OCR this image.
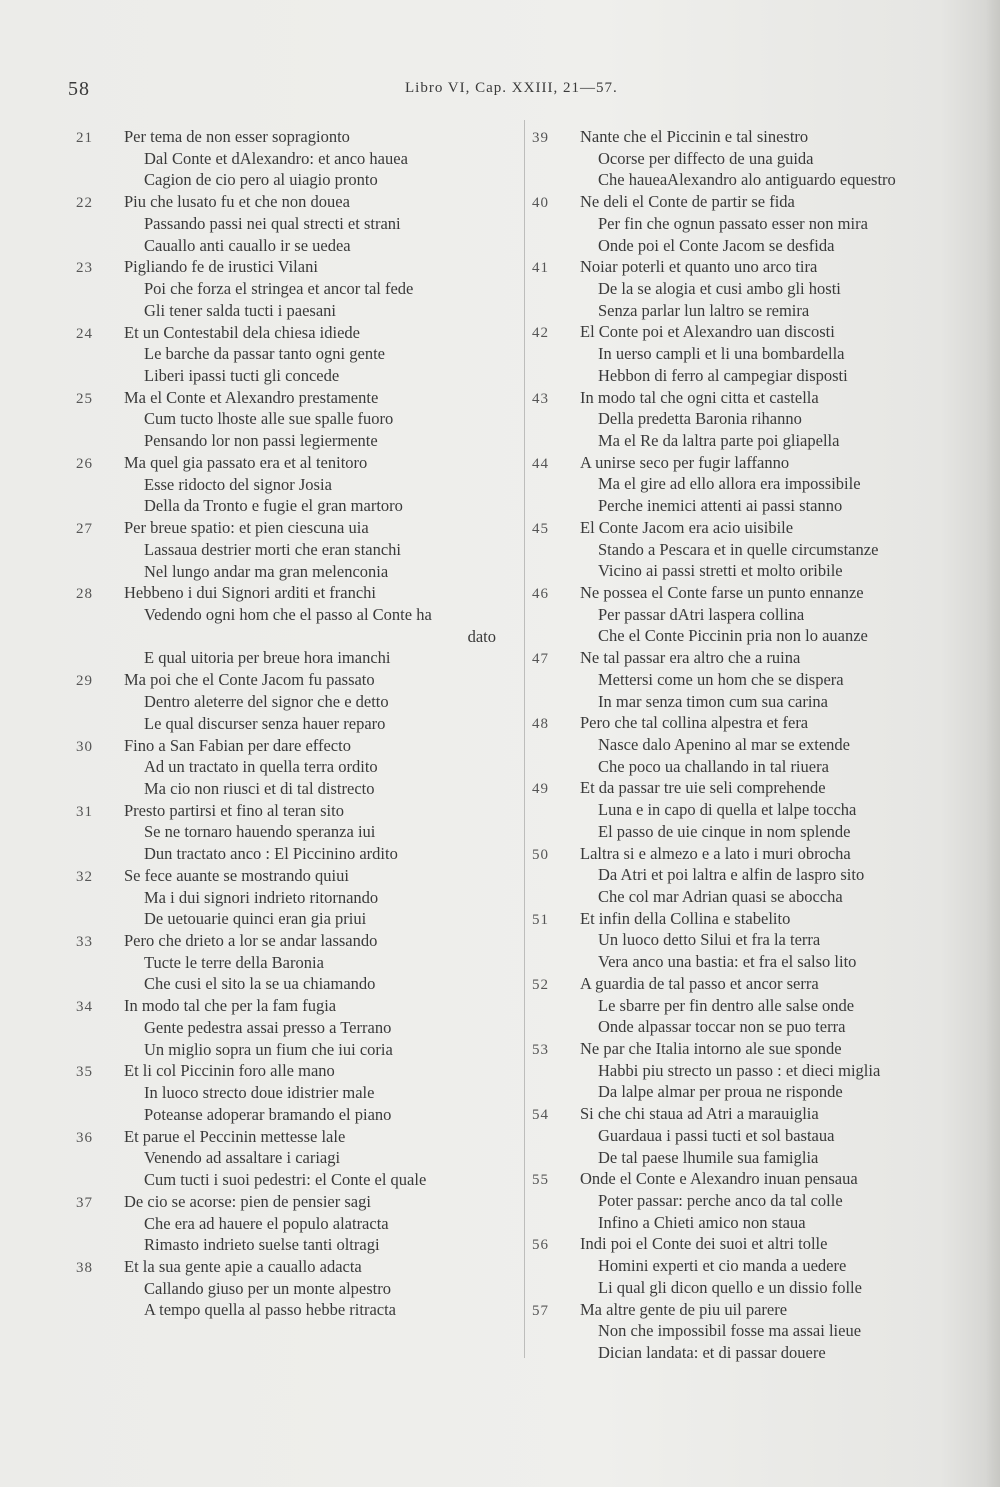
58	Libro VI, Cap. XXIII, 21—57.
21	Per tema de non esser sopragionto
Dal Conte et dAlexandro: et anco hauea
Cagion de cio pero al uiagio pronto
22	Piu che lusato fu et che non douea
Passando passi nei qual strecti et strani
Cauallo anti cauallo ir se uedea
23	Pigliando fe de irustici Vilani
Poi che forza el stringea et ancor tal fede
Gli tener salda tucti i paesani
24	Et un Contestabil dela chiesa idiede
Le barche da passar tanto ogni gente
Liberi ipassi tucti gli concede
25	Ma el Conte et Alexandro prestamente
Cum tucto lhoste alle sue spalle fuoro
Pensando lor non passi legiermente
26	Ma quel gia passato era et al tenitoro
Esse ridocto del signor Josia
Della da Tronto e fugie el gran martoro
27	Per breue spatio: et pien ciescuna uia
Lassaua destrier morti che eran stanchi
Nel lungo andar ma gran melenconia
28	Hebbeno i dui Signori arditi et franchi
Vedendo ogni hom che el passo al Conte ha
E qual uitoria per breue hora imanchi
dato
29	Ma poi che el Conte Jacom fu passato
Dentro aleterre del signor che e detto
Le qual discurser senza hauer reparo
30	Fino a San Fabian per dare effecto
Ad un tractato in quella terra ordito
Ma cio non riusci et di tal distrecto
31	Presto partirsi et fino al teran sito
Se ne tornaro hauendo speranza iui
Dun tractato anco : El Piccinino ardito
32	Se fece auante se mostrando quiui
Ma i dui signori indrieto ritornando
De uetouarie quinci eran gia priui
33	Pero che drieto a lor se andar lassando
Tucte le terre della Baronia
Che cusi el sito la se ua chiamando
34	In modo tal che per la fam fugia
Gente pedestra assai presso a Terrano
Un miglio sopra un fium che iui coria
35	Et li col Piccinin foro alle mano
In luoco strecto doue idistrier male
Poteanse adoperar bramando el piano
36	Et parue el Peccinin mettesse lale
Venendo ad assaltare i cariagi
Cum tucti i suoi pedestri: el Conte el quale
37	De cio se acorse: pien de pensier sagi
Che era ad hauere el populo alatracta
Rimasto indrieto suelse tanti oltragi
38	Et la sua gente apie a cauallo adacta
Callando giuso per un monte alpestro
A tempo quella al passo hebbe ritracta
39	Nante che el Piccinin e tal sinestro
Ocorse per diffecto de una guida
Che haueaAlexandro alo antiguardo equestro
40	Ne deli el Conte de partir se fida
Per fin che ognun passato esser non mira
Onde poi el Conte Jacom se desfida
41	Noiar poterli et quanto uno arco tira
De la se alogia et cusi ambo gli hosti
Senza parlar lun laltro se remira
42	El Conte poi et Alexandro uan discosti
In uerso campli et li una bombardella
Hebbon di ferro al campegiar disposti
43	In modo tal che ogni citta et castella
Della predetta Baronia rihanno
Ma el Re da laltra parte poi gliapella
44	A unirse seco per fugir laffanno
Ma el gire ad ello allora era impossibile
Perche inemici attenti ai passi stanno
45	El Conte Jacom era acio uisibile
Stando a Pescara et in quelle circumstanze
Vicino ai passi stretti et molto oribile
46	Ne possea el Conte farse un punto ennanze
Per passar dAtri laspera collina
Che el Conte Piccinin pria non lo auanze
47	Ne tal passar era altro che a ruina
Mettersi come un hom che se dispera
In mar senza timon cum sua carina
48	Pero che tal collina alpestra et fera
Nasce dalo Apenino al mar se extende
Che poco ua challando in tal riuera
49	Et da passar tre uie seli comprehende
Luna e in capo di quella et lalpe toccha
El passo de uie cinque in nom splende
50	Laltra si e almezo e a lato i muri obrocha
Da Atri et poi laltra e alfin de laspro sito
Che col mar Adrian quasi se abocchа
51	Et infin della Collina e stabelito
Un luoco detto Silui et fra la terra
Vera anco una bastia: et fra el salso lito
52	A guardia de tal passo et ancor serra
Le sbarre per fin dentro alle salse onde
Onde alpassar toccar non se puo terra
53	Ne par che Italia intorno ale sue sponde
Habbi piu strecto un passo : et dieci miglia
Da lalpe almar per proua ne risponde
54	Si che chi staua ad Atri a marauiglia
Guardaua i passi tucti et sol bastaua
De tal paese lhumile sua famiglia
55	Onde el Conte e Alexandro inuan pensaua
Poter passar: perche anco da tal colle
Infino a Chieti amico non staua
56	Indi poi el Conte dei suoi et altri tolle
Homini experti et cio manda a uedere
Li qual gli dicon quello e un dissio folle
57	Ma altre gente de piu uil parere
Non che impossibil fosse ma assai lieue
Dician landata: et di passar douere
